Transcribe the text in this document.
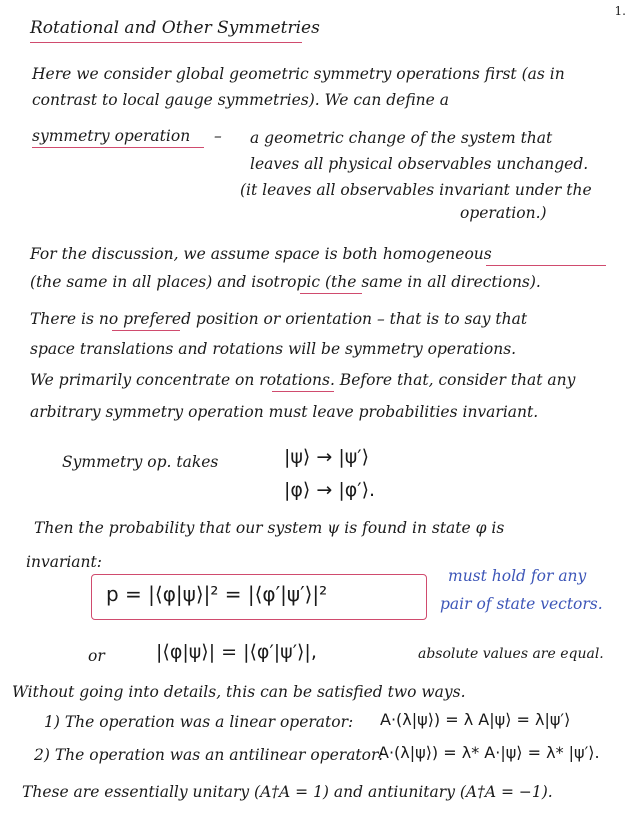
1.
Rotational and Other Symmetries
Here we consider global geometric symmetry operations first (as in
contrast to local gauge symmetries). We can define a
symmetry operation – a geometric change of the system that
leaves all physical observables unchanged.
(it leaves all observables invariant under the
operation.)
For the discussion, we assume space is both homogeneous
(the same in all places) and isotropic (the same in all directions).
There is no prefered position or orientation – that is to say that
space translations and rotations will be symmetry operations.
We primarily concentrate on rotations. Before that, consider that any
arbitrary symmetry operation must leave probabilities invariant.
Symmetry op. takes	|ψ⟩ → |ψ′⟩
|φ⟩ → |φ′⟩.
Then the probability that our system ψ is found in state φ is
invariant:
p = |⟨φ|ψ⟩|² = |⟨φ′|ψ′⟩|²
must hold for any
pair of state vectors.
or	|⟨φ|ψ⟩| = |⟨φ′|ψ′⟩|,	absolute values are equal.
Without going into details, this can be satisfied two ways.
1) The operation was a linear operator: A·(λ|ψ⟩) = λ A|ψ⟩ = λ|ψ′⟩
2) The operation was an antilinear operator:
A·(λ|ψ⟩) = λ* A·|ψ⟩ = λ* |ψ′⟩.
These are essentially unitary (A†A = 1) and antiunitary (A†A = −1).
